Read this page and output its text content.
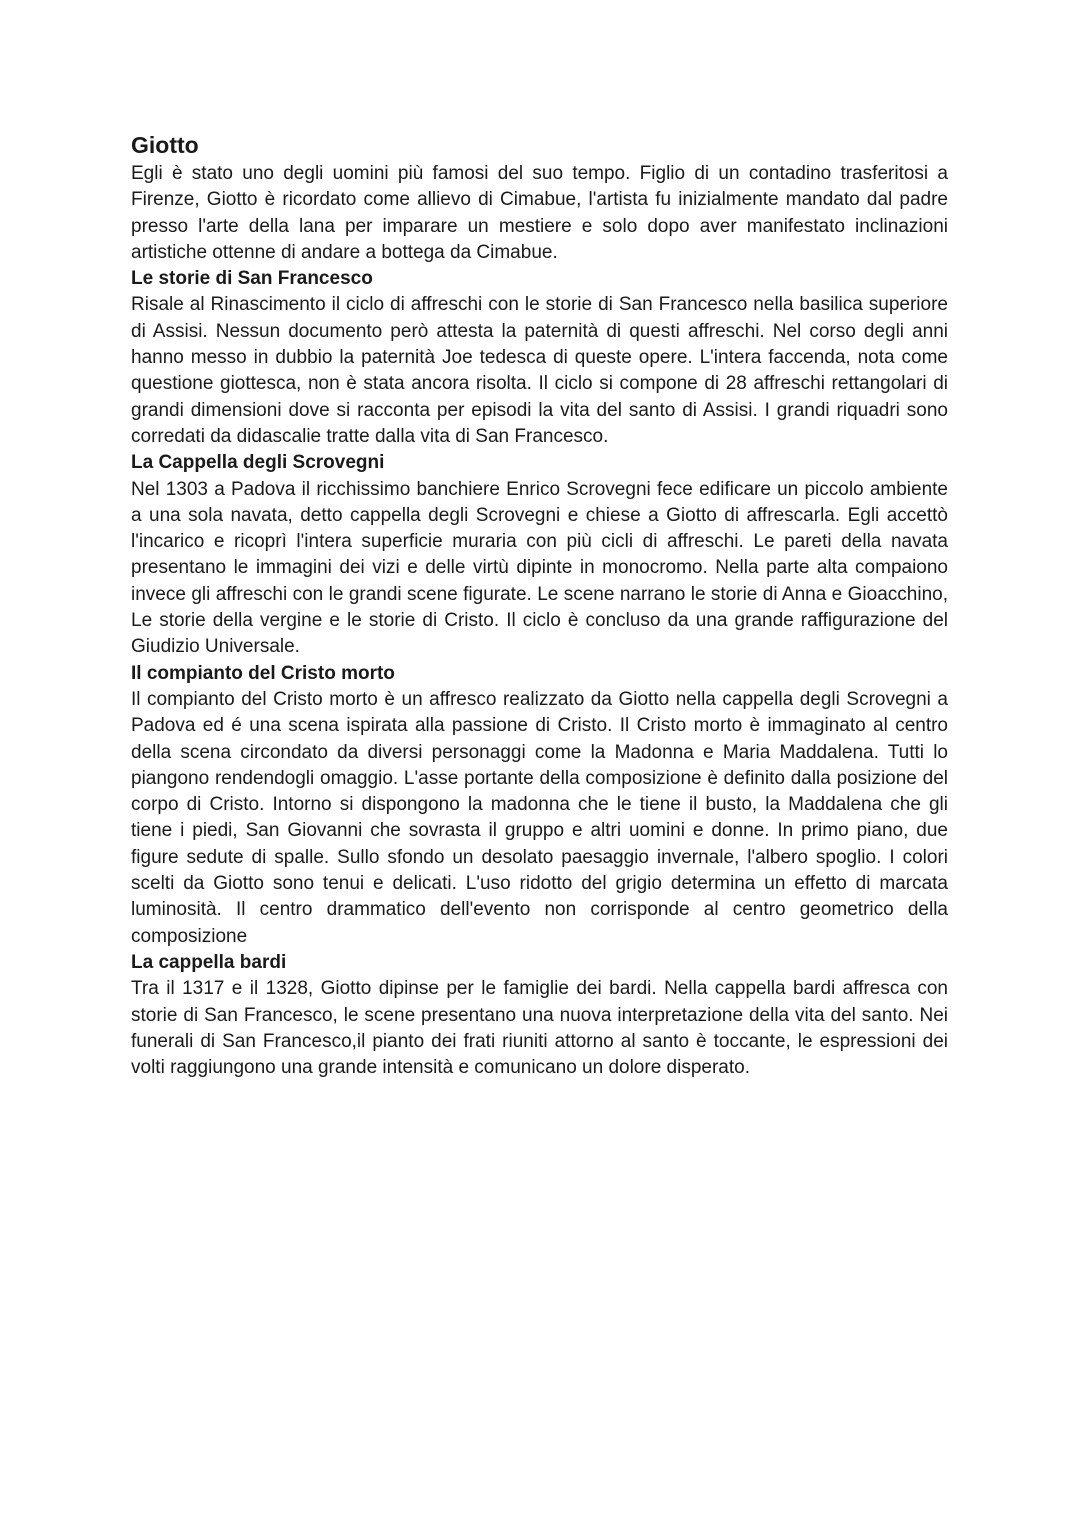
Giotto

Egli è stato uno degli uomini più famosi del suo tempo. Figlio di un contadino trasferitosi a Firenze, Giotto è ricordato come allievo di Cimabue, l'artista fu inizialmente mandato dal padre presso l'arte della lana per imparare un mestiere e solo dopo aver manifestato inclinazioni artistiche ottenne di andare a bottega da Cimabue.

Le storie di San Francesco

Risale al Rinascimento il ciclo di affreschi con le storie di San Francesco nella basilica superiore di Assisi. Nessun documento però attesta la paternità di questi affreschi. Nel corso degli anni hanno messo in dubbio la paternità Joe tedesca di queste opere. L'intera faccenda, nota come questione giottesca, non è stata ancora risolta. Il ciclo si compone di 28 affreschi rettangolari di grandi dimensioni dove si racconta per episodi la vita del santo di Assisi. I grandi riquadri sono corredati da didascalie tratte dalla vita di San Francesco.

La Cappella degli Scrovegni

Nel 1303 a Padova il ricchissimo banchiere Enrico Scrovegni fece edificare un piccolo ambiente a una sola navata, detto cappella degli Scrovegni e chiese a Giotto di affrescarla. Egli accettò l'incarico e ricoprì l'intera superficie muraria con più cicli di affreschi. Le pareti della navata presentano le immagini dei vizi e delle virtù dipinte in monocromo. Nella parte alta compaiono invece gli affreschi con le grandi scene figurate. Le scene narrano le storie di Anna e Gioacchino, Le storie della vergine e le storie di Cristo. Il ciclo è concluso da una grande raffigurazione del Giudizio Universale.

Il compianto del Cristo morto

Il compianto del Cristo morto è un affresco realizzato da Giotto nella cappella degli Scrovegni a Padova ed é una scena ispirata alla passione di Cristo. Il Cristo morto è immaginato al centro della scena circondato da diversi personaggi come la Madonna e Maria Maddalena. Tutti lo piangono rendendogli omaggio. L'asse portante della composizione è definito dalla posizione del corpo di Cristo. Intorno si dispongono la madonna che le tiene il busto, la Maddalena che gli tiene i piedi, San Giovanni che sovrasta il gruppo e altri uomini e donne. In primo piano, due figure sedute di spalle. Sullo sfondo un desolato paesaggio invernale, l'albero spoglio. I colori scelti da Giotto sono tenui e delicati. L'uso ridotto del grigio determina un effetto di marcata luminosità. Il centro drammatico dell'evento non corrisponde al centro geometrico della composizione

La cappella bardi

Tra il 1317 e il 1328, Giotto dipinse per le famiglie dei bardi. Nella cappella bardi affresca con storie di San Francesco, le scene presentano una nuova interpretazione della vita del santo. Nei funerali di San Francesco,il pianto dei frati riuniti attorno al santo è toccante, le espressioni dei volti raggiungono una grande intensità e comunicano un dolore disperato.
